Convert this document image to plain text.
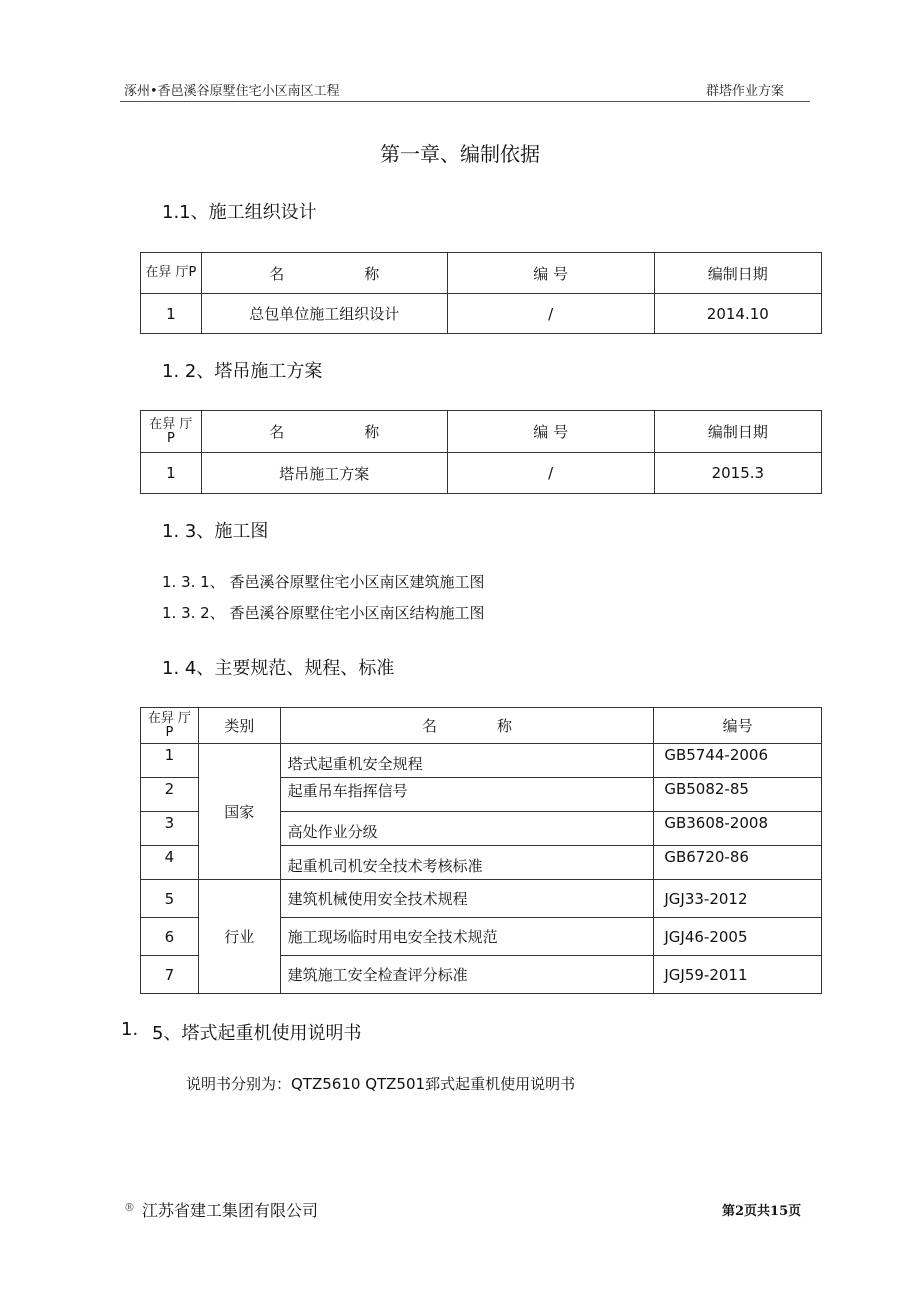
涿州•香邑溪谷原墅住宅小区南区工程	群塔作业方案
第一章、编制依据
1.1、施工组织设计
在舁 厅P	名 称	编 号	编制日期
1	总包单位施工组织设计	/	2014.10
1. 2、塔吊施工方案
在舁 厅
P	名 称	编 号	编制日期
1	塔吊施工方案	/	2015.3
1. 3、施工图
1. 3. 1、 香邑溪谷原墅住宅小区南区建筑施工图
1. 3. 2、 香邑溪谷原墅住宅小区南区结构施工图
1. 4、主要规范、规程、标准
在舁 厅
P	类别	名 称	编号
1	国家	塔式起重机安全规程	GB5744-2006
2		起重吊车指挥信号	GB5082-85
3		高处作业分级	GB3608-2008
4		起重机司机安全技术考核标准	GB6720-86
5	行业	建筑机械使用安全技术规程	JGJ33-2012
6		施工现场临时用电安全技术规范	JGJ46-2005
7		建筑施工安全检查评分标准	JGJ59-2011
1. 5、塔式起重机使用说明书
说明书分别为：QTZ5610 QTZ501郅式起重机使用说明书
® 江苏省建工集团有限公司	第2页共15页
